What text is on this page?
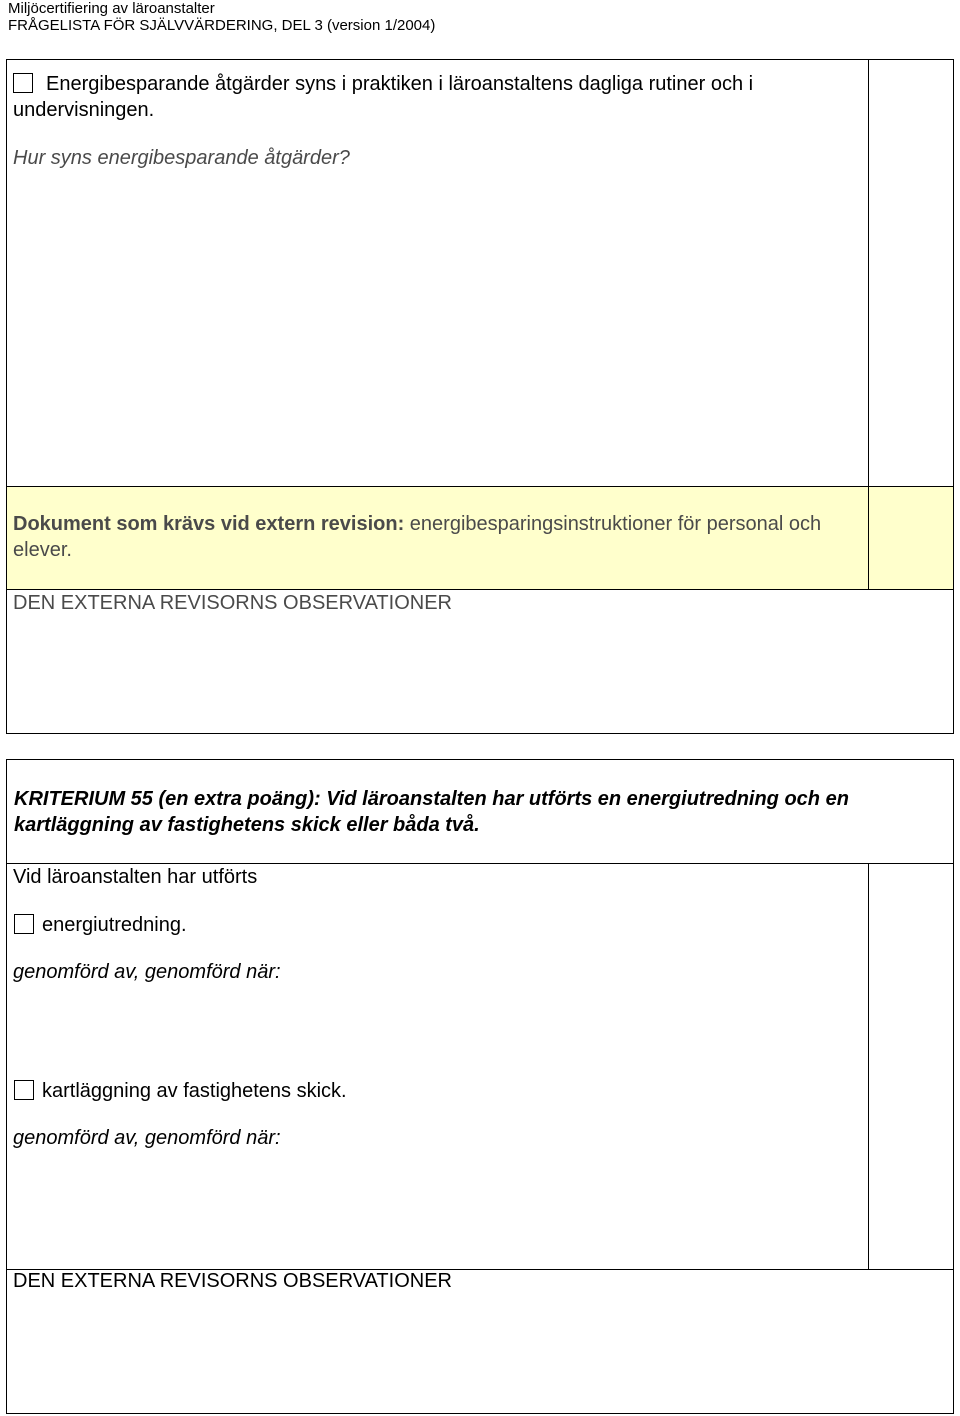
Miljöcertifiering av läroanstalter
FRÅGELISTA FÖR SJÄLVVÄRDERING, DEL 3 (version 1/2004)
Energibesparande åtgärder syns i praktiken i läroanstaltens dagliga rutiner och i undervisningen.
Hur syns energibesparande åtgärder?
Dokument som krävs vid extern revision: energibesparingsinstruktioner för personal och elever.
DEN EXTERNA REVISORNS OBSERVATIONER
KRITERIUM 55 (en extra poäng): Vid läroanstalten har utförts en energiutredning och en kartläggning av fastighetens skick eller båda två.
Vid läroanstalten har utförts
energiutredning.
genomförd av, genomförd när:
kartläggning av fastighetens skick.
genomförd av, genomförd när:
DEN EXTERNA REVISORNS OBSERVATIONER
